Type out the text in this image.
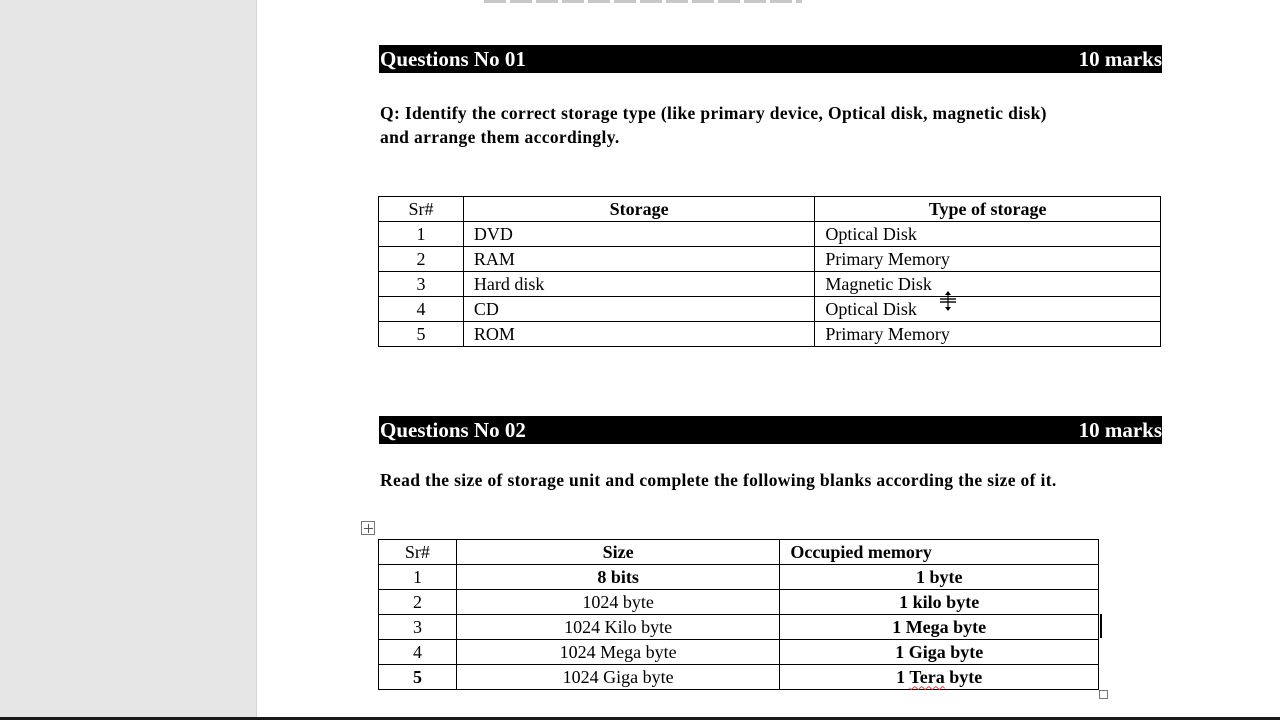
Questions No 01	10 marks
Q: Identify the correct storage type (like primary device, Optical disk, magnetic disk)
and arrange them accordingly.
Sr#	Storage	Type of storage
1	DVD	Optical Disk
2	RAM	Primary Memory
3	Hard disk	Magnetic Disk
4	CD	Optical Disk
5	ROM	Primary Memory
Questions No 02	10 marks
Read the size of storage unit and complete the following blanks according the size of it.
Sr#	Size	Occupied memory
1	8 bits	1 byte
2	1024 byte	1 kilo byte
3	1024 Kilo byte	1 Mega byte
4	1024 Mega byte	1 Giga byte
5	1024 Giga byte	1 Tera byte
